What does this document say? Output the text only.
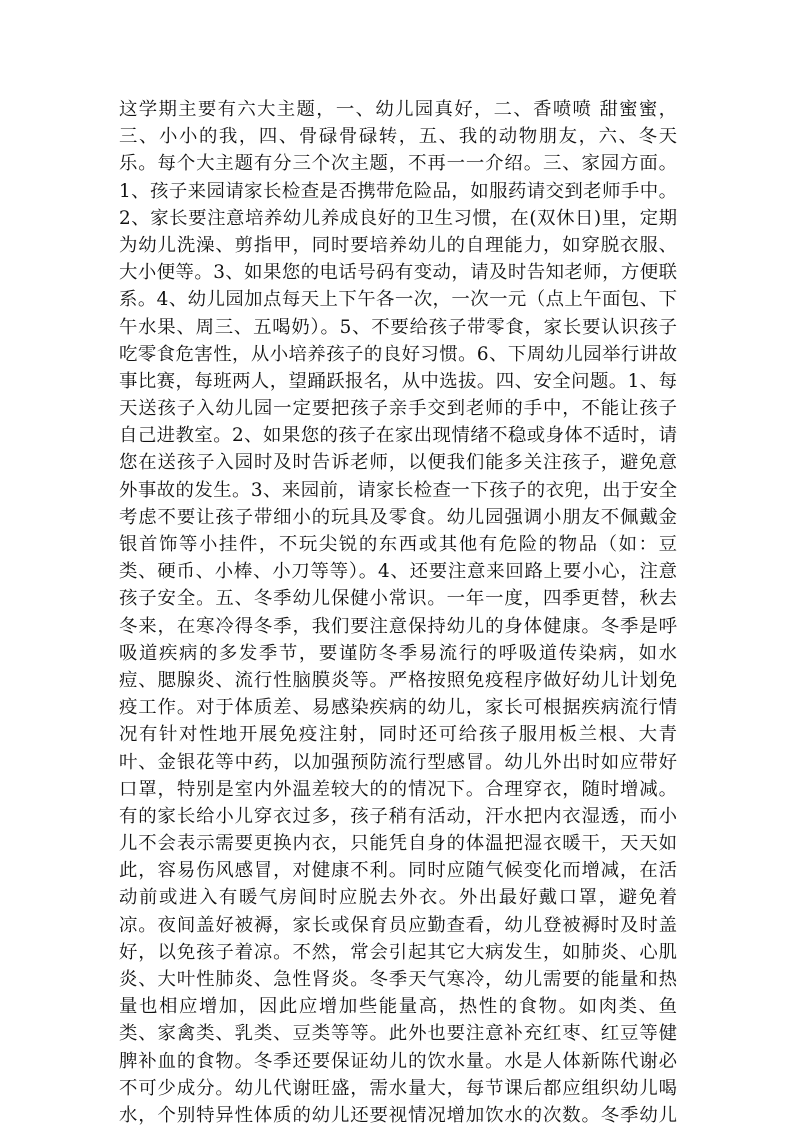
这学期主要有六大主题，一、幼儿园真好，二、香喷喷 甜蜜蜜，
三、小小的我，四、骨碌骨碌转，五、我的动物朋友，六、冬天
乐。每个大主题有分三个次主题，不再一一介绍。三、家园方面。
1、孩子来园请家长检查是否携带危险品，如服药请交到老师手中。
2、家长要注意培养幼儿养成良好的卫生习惯，在(双休日)里，定期
为幼儿洗澡、剪指甲，同时要培养幼儿的自理能力，如穿脱衣服、
大小便等。3、如果您的电话号码有变动，请及时告知老师，方便联
系。4、幼儿园加点每天上下午各一次，一次一元（点上午面包、下
午水果、周三、五喝奶）。5、不要给孩子带零食，家长要认识孩子
吃零食危害性，从小培养孩子的良好习惯。6、下周幼儿园举行讲故
事比赛，每班两人，望踊跃报名，从中选拔。四、安全问题。1、每
天送孩子入幼儿园一定要把孩子亲手交到老师的手中，不能让孩子
自己进教室。2、如果您的孩子在家出现情绪不稳或身体不适时，请
您在送孩子入园时及时告诉老师，以便我们能多关注孩子，避免意
外事故的发生。3、来园前，请家长检查一下孩子的衣兜，出于安全
考虑不要让孩子带细小的玩具及零食。幼儿园强调小朋友不佩戴金
银首饰等小挂件，不玩尖锐的东西或其他有危险的物品（如：豆
类、硬币、小棒、小刀等等）。4、还要注意来回路上要小心，注意
孩子安全。五、冬季幼儿保健小常识。一年一度，四季更替，秋去
冬来，在寒冷得冬季，我们要注意保持幼儿的身体健康。冬季是呼
吸道疾病的多发季节，要谨防冬季易流行的呼吸道传染病，如水
痘、腮腺炎、流行性脑膜炎等。严格按照免疫程序做好幼儿计划免
疫工作。对于体质差、易感染疾病的幼儿，家长可根据疾病流行情
况有针对性地开展免疫注射，同时还可给孩子服用板兰根、大青
叶、金银花等中药，以加强预防流行型感冒。幼儿外出时如应带好
口罩，特别是室内外温差较大的的情况下。合理穿衣，随时增减。
有的家长给小儿穿衣过多，孩子稍有活动，汗水把内衣湿透，而小
儿不会表示需要更换内衣，只能凭自身的体温把湿衣暖干，天天如
此，容易伤风感冒，对健康不利。同时应随气候变化而增减，在活
动前或进入有暖气房间时应脱去外衣。外出最好戴口罩，避免着
凉。夜间盖好被褥，家长或保育员应勤查看，幼儿登被褥时及时盖
好，以免孩子着凉。不然，常会引起其它大病发生，如肺炎、心肌
炎、大叶性肺炎、急性肾炎。冬季天气寒冷，幼儿需要的能量和热
量也相应增加，因此应增加些能量高，热性的食物。如肉类、鱼
类、家禽类、乳类、豆类等等。此外也要注意补充红枣、红豆等健
脾补血的食物。冬季还要保证幼儿的饮水量。水是人体新陈代谢必
不可少成分。幼儿代谢旺盛，需水量大，每节课后都应组织幼儿喝
水，个别特异性体质的幼儿还要视情况增加饮水的次数。冬季幼儿
